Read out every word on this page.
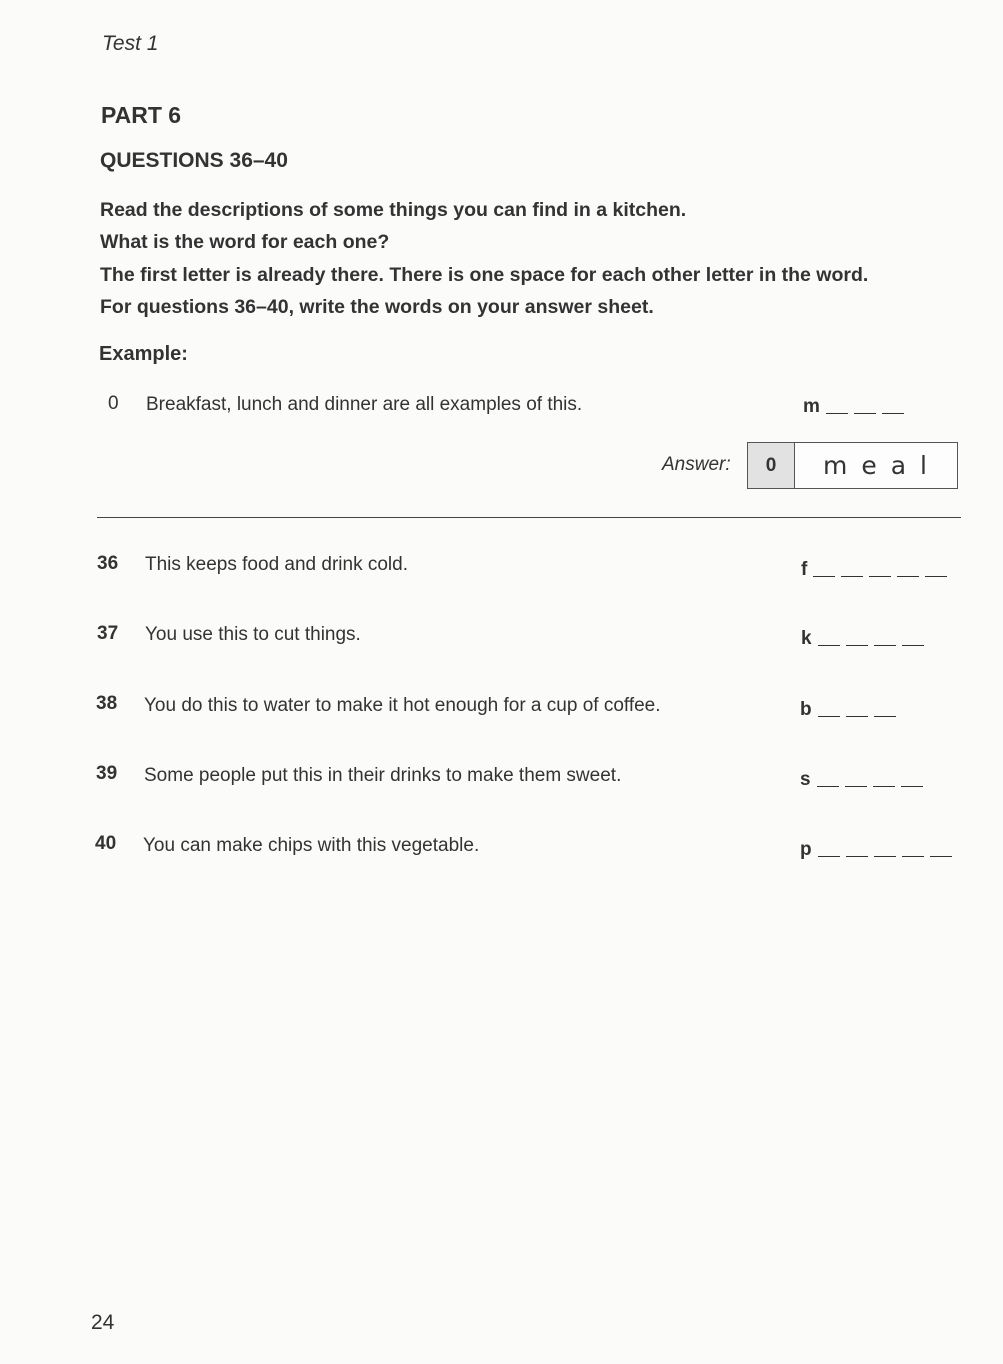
Test 1
PART 6
QUESTIONS 36–40
Read the descriptions of some things you can find in a kitchen.
What is the word for each one?
The first letter is already there. There is one space for each other letter in the word.
For questions 36–40, write the words on your answer sheet.
Example:
0 Breakfast, lunch and dinner are all examples of this.	m
Answer:	0	meal
36 This keeps food and drink cold.	f
37 You use this to cut things.	k
38 You do this to water to make it hot enough for a cup of coffee.	b
39 Some people put this in their drinks to make them sweet.	s
40 You can make chips with this vegetable.	p
24
